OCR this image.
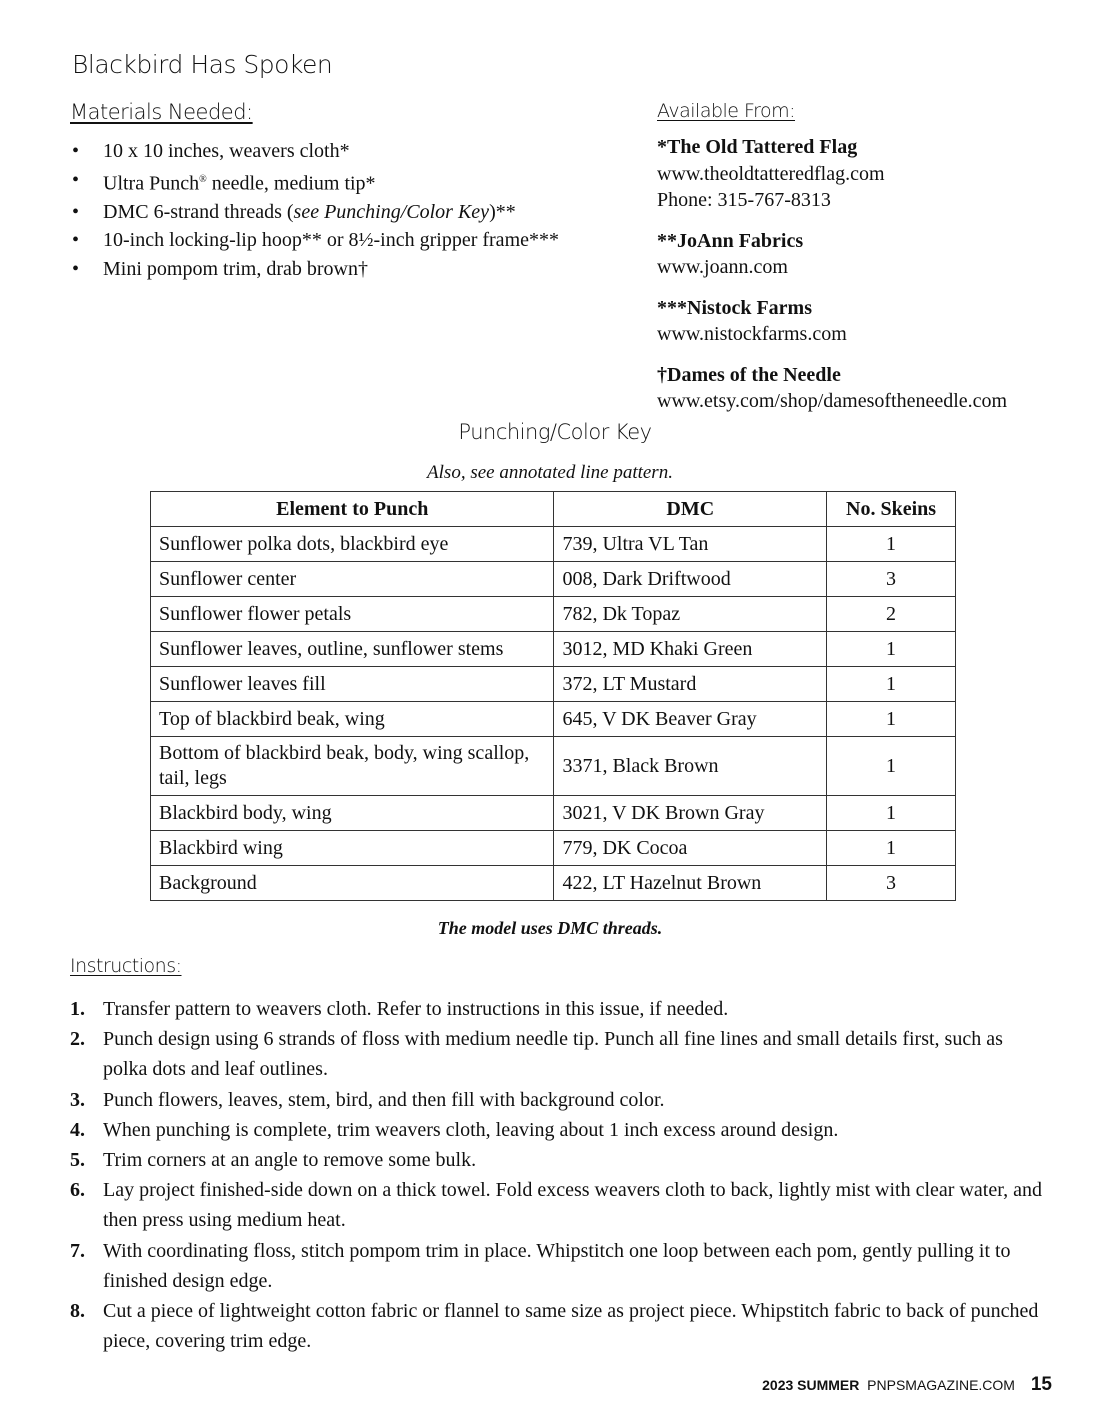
Blackbird Has Spoken
Materials Needed:
• 10 x 10 inches, weavers cloth*
• Ultra Punch® needle, medium tip*
• DMC 6-strand threads (see Punching/Color Key)**
• 10-inch locking-lip hoop** or 8½-inch gripper frame***
• Mini pompom trim, drab brown†
Available From:
*The Old Tattered Flag
www.theoldtatteredflag.com
Phone: 315-767-8313
**JoAnn Fabrics
www.joann.com
***Nistock Farms
www.nistockfarms.com
†Dames of the Needle
www.etsy.com/shop/damesoftheneedle.com
Punching/Color Key
Also, see annotated line pattern.
Element to Punch	DMC	No. Skeins
Sunflower polka dots, blackbird eye	739, Ultra VL Tan	1
Sunflower center	008, Dark Driftwood	3
Sunflower flower petals	782, Dk Topaz	2
Sunflower leaves, outline, sunflower stems	3012, MD Khaki Green	1
Sunflower leaves fill	372, LT Mustard	1
Top of blackbird beak, wing	645, V DK Beaver Gray	1
Bottom of blackbird beak, body, wing scallop, tail, legs	3371, Black Brown	1
Blackbird body, wing	3021, V DK Brown Gray	1
Blackbird wing	779, DK Cocoa	1
Background	422, LT Hazelnut Brown	3
The model uses DMC threads.
Instructions:
1. Transfer pattern to weavers cloth. Refer to instructions in this issue, if needed.
2. Punch design using 6 strands of floss with medium needle tip. Punch all fine lines and small details first, such as polka dots and leaf outlines.
3. Punch flowers, leaves, stem, bird, and then fill with background color.
4. When punching is complete, trim weavers cloth, leaving about 1 inch excess around design.
5. Trim corners at an angle to remove some bulk.
6. Lay project finished-side down on a thick towel. Fold excess weavers cloth to back, lightly mist with clear water, and then press using medium heat.
7. With coordinating floss, stitch pompom trim in place. Whipstitch one loop between each pom, gently pulling it to finished design edge.
8. Cut a piece of lightweight cotton fabric or flannel to same size as project piece. Whipstitch fabric to back of punched piece, covering trim edge.
2023 SUMMER PNPSMAGAZINE.COM 15
